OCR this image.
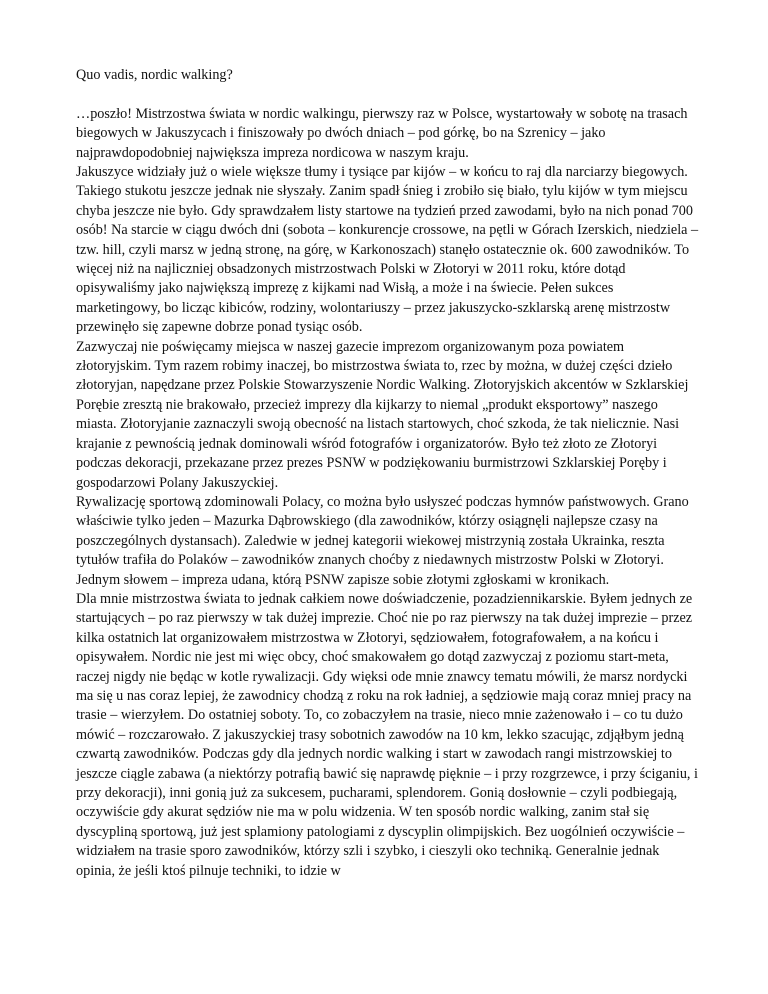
Quo vadis, nordic walking?

…poszło! Mistrzostwa świata w nordic walkingu, pierwszy raz w Polsce, wystartowały w sobotę na trasach biegowych w Jakuszycach i finiszowały po dwóch dniach – pod górkę, bo na Szrenicy – jako najprawdopodobniej największa impreza nordicowa w naszym kraju.

Jakuszyce widziały już o wiele większe tłumy i tysiące par kijów – w końcu to raj dla narciarzy biegowych. Takiego stukotu jeszcze jednak nie słyszały. Zanim spadł śnieg i zrobiło się biało, tylu kijów w tym miejscu chyba jeszcze nie było. Gdy sprawdzałem listy startowe na tydzień przed zawodami, było na nich ponad 700 osób! Na starcie w ciągu dwóch dni (sobota – konkurencje crossowe, na pętli w Górach Izerskich, niedziela – tzw. hill, czyli marsz w jedną stronę, na górę, w Karkonoszach) stanęło ostatecznie ok. 600 zawodników. To więcej niż na najliczniej obsadzonych mistrzostwach Polski w Złotoryi w 2011 roku, które dotąd opisywaliśmy jako największą imprezę z kijkami nad Wisłą, a może i na świecie. Pełen sukces marketingowy, bo licząc kibiców, rodziny, wolontariuszy – przez jakuszycko-szklarską arenę mistrzostw przewinęło się zapewne dobrze ponad tysiąc osób.

Zazwyczaj nie poświęcamy miejsca w naszej gazecie imprezom organizowanym poza powiatem złotoryjskim. Tym razem robimy inaczej, bo mistrzostwa świata to, rzec by można, w dużej części dzieło złotoryjan, napędzane przez Polskie Stowarzyszenie Nordic Walking. Złotoryjskich akcentów w Szklarskiej Porębie zresztą nie brakowało, przecież imprezy dla kijkarzy to niemal „produkt eksportowy” naszego miasta. Złotoryjanie zaznaczyli swoją obecność na listach startowych, choć szkoda, że tak nielicznie. Nasi krajanie z pewnością jednak dominowali wśród fotografów i organizatorów. Było też złoto ze Złotoryi podczas dekoracji, przekazane przez prezes PSNW w podziękowaniu burmistrzowi Szklarskiej Poręby i gospodarzowi Polany Jakuszyckiej.

Rywalizację sportową zdominowali Polacy, co można było usłyszeć podczas hymnów państwowych. Grano właściwie tylko jeden – Mazurka Dąbrowskiego (dla zawodników, którzy osiągnęli najlepsze czasy na poszczególnych dystansach). Zaledwie w jednej kategorii wiekowej mistrzynią została Ukrainka, reszta tytułów trafiła do Polaków – zawodników znanych choćby z niedawnych mistrzostw Polski w Złotoryi.

Jednym słowem – impreza udana, którą PSNW zapisze sobie złotymi zgłoskami w kronikach.

Dla mnie mistrzostwa świata to jednak całkiem nowe doświadczenie, pozadziennikarskie. Byłem jednych ze startujących – po raz pierwszy w tak dużej imprezie. Choć nie po raz pierwszy na tak dużej imprezie – przez kilka ostatnich lat organizowałem mistrzostwa w Złotoryi, sędziowałem, fotografowałem, a na końcu i opisywałem. Nordic nie jest mi więc obcy, choć smakowałem go dotąd zazwyczaj z poziomu start-meta, raczej nigdy nie będąc w kotle rywalizacji. Gdy więksi ode mnie znawcy tematu mówili, że marsz nordycki ma się u nas coraz lepiej, że zawodnicy chodzą z roku na rok ładniej, a sędziowie mają coraz mniej pracy na trasie – wierzyłem. Do ostatniej soboty. To, co zobaczyłem na trasie, nieco mnie zażenowało i – co tu dużo mówić – rozczarowało. Z jakuszyckiej trasy sobotnich zawodów na 10 km, lekko szacując, zdjąłbym jedną czwartą zawodników. Podczas gdy dla jednych nordic walking i start w zawodach rangi mistrzowskiej to jeszcze ciągle zabawa (a niektórzy potrafią bawić się naprawdę pięknie – i przy rozgrzewce, i przy ściganiu, i przy dekoracji), inni gonią już za sukcesem, pucharami, splendorem. Gonią dosłownie – czyli podbiegają, oczywiście gdy akurat sędziów nie ma w polu widzenia. W ten sposób nordic walking, zanim stał się dyscypliną sportową, już jest splamiony patologiami z dyscyplin olimpijskich. Bez uogólnień oczywiście – widziałem na trasie sporo zawodników, którzy szli i szybko, i cieszyli oko techniką. Generalnie jednak opinia, że jeśli ktoś pilnuje techniki, to idzie w
